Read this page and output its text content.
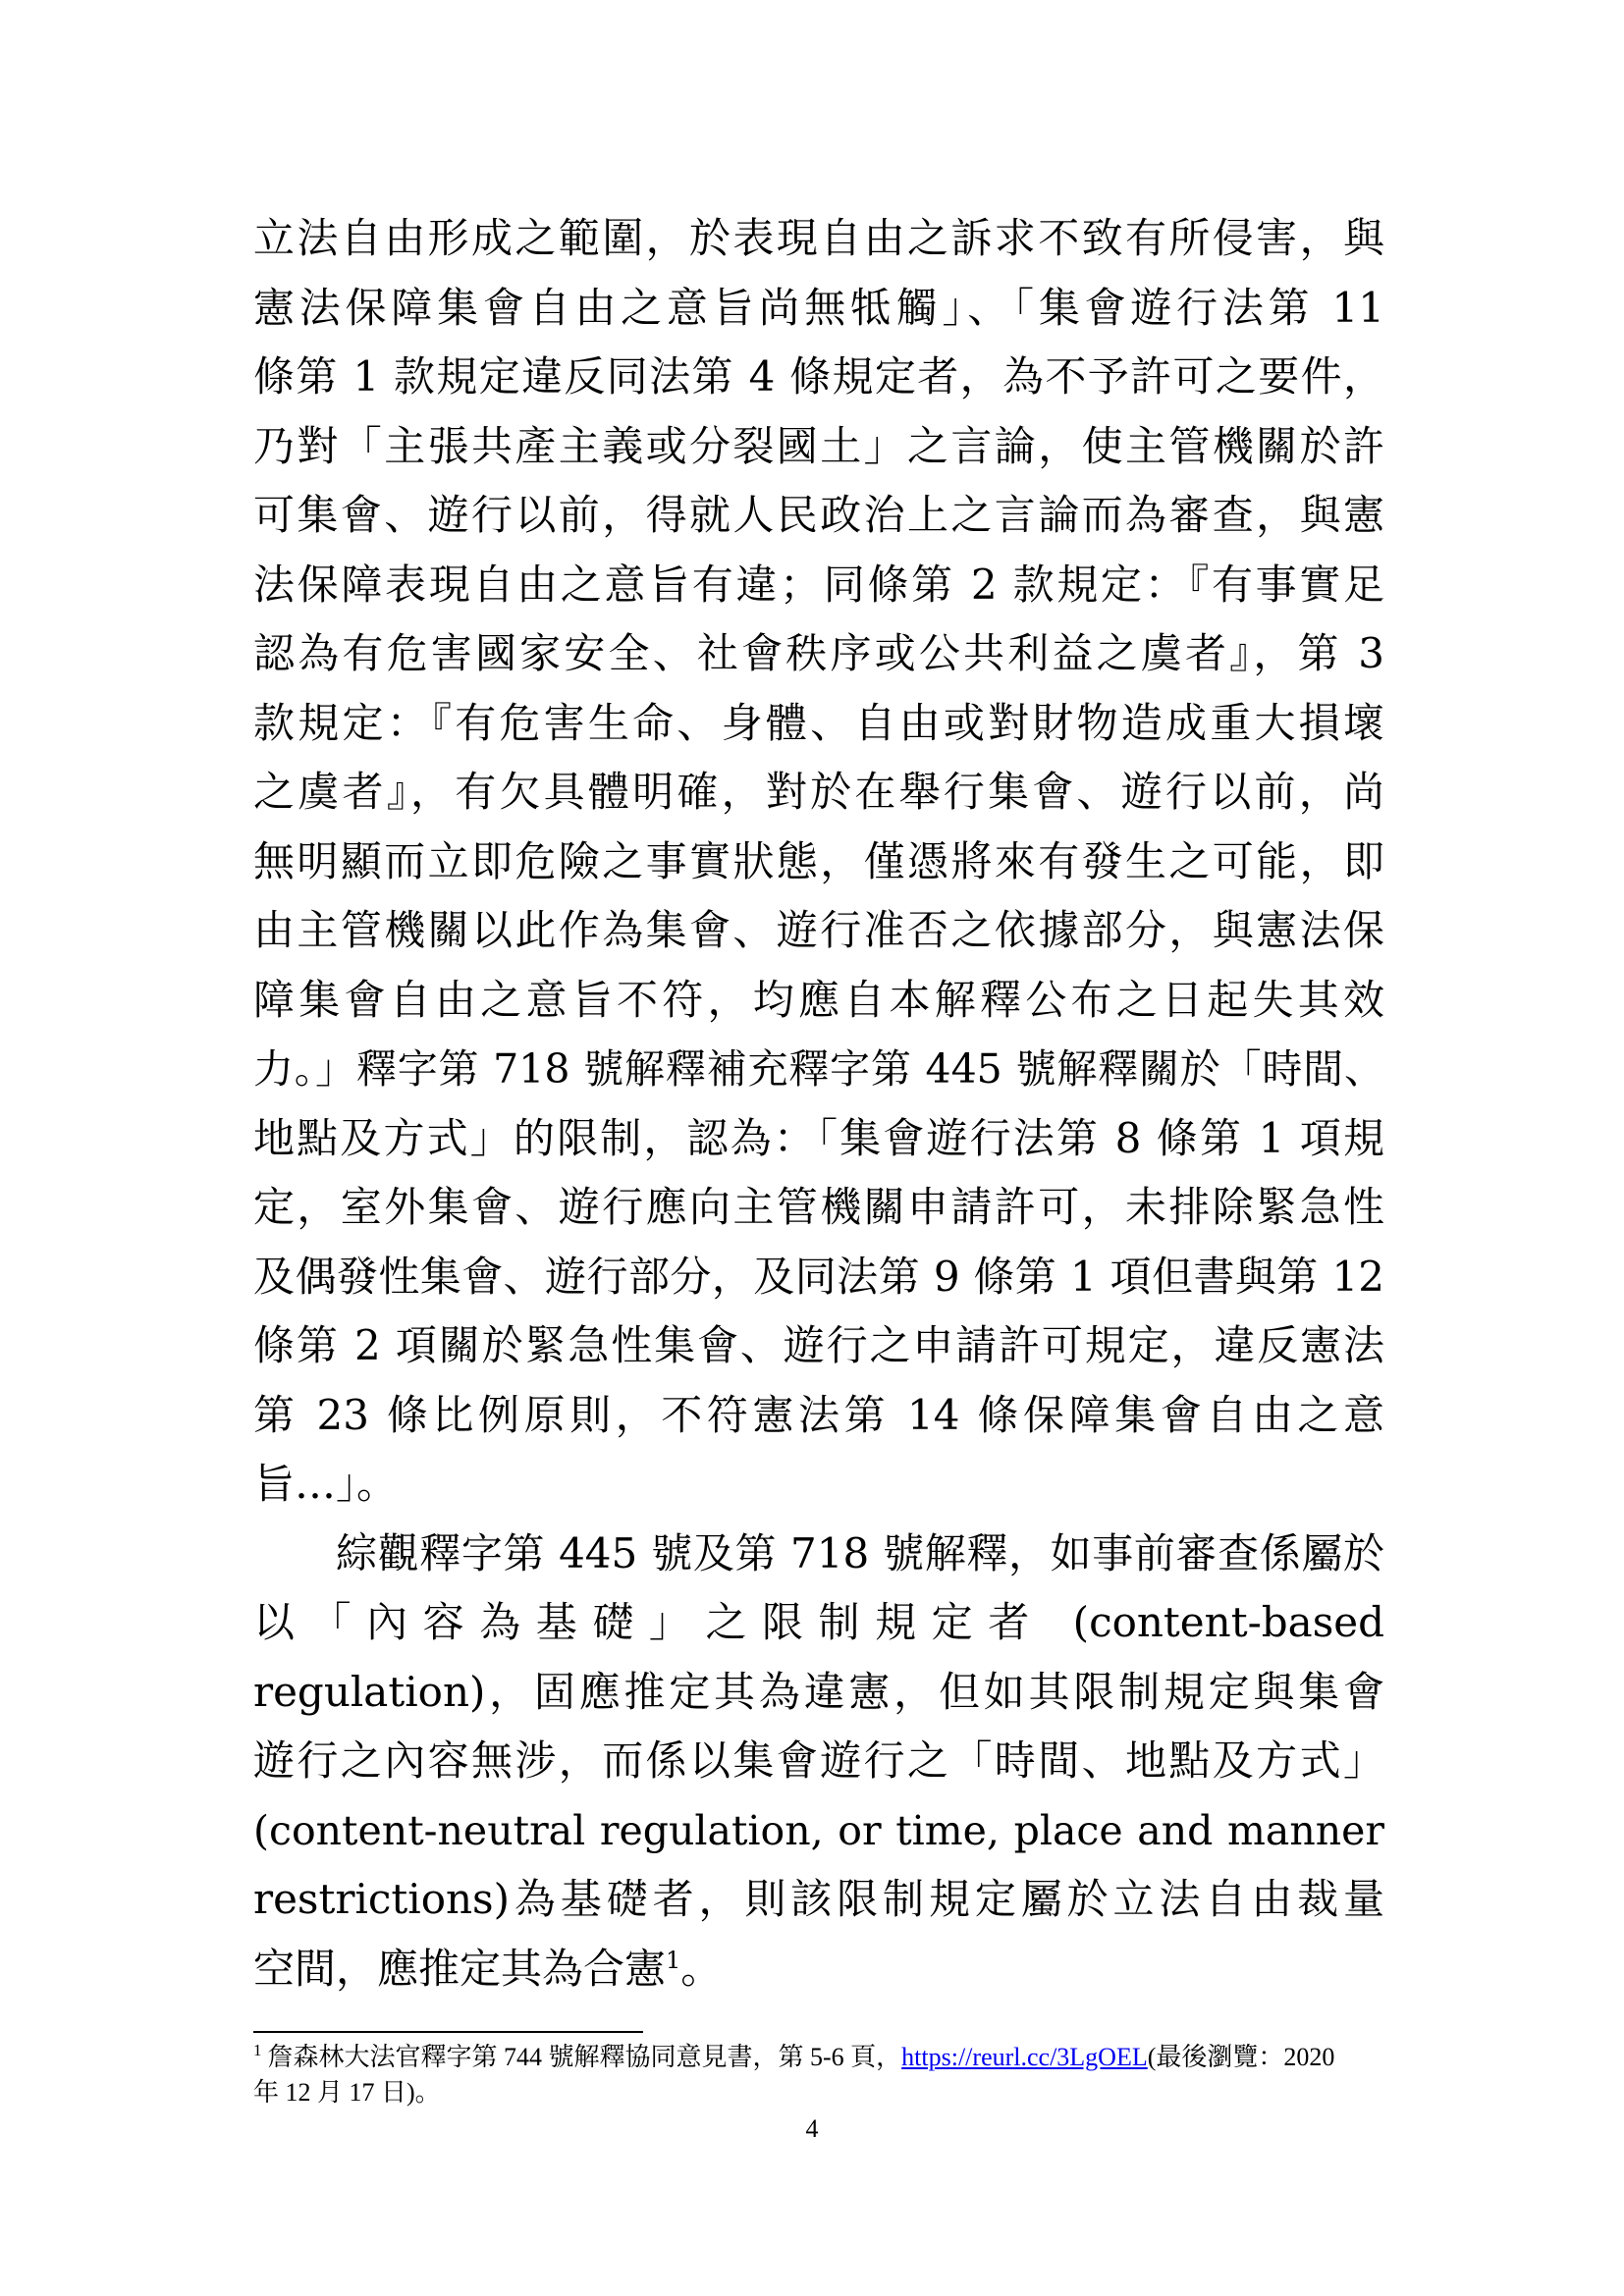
立法自由形成之範圍，於表現自由之訴求不致有所侵害，與
憲法保障集會自由之意旨尚無牴觸」、「集會遊行法第 11
條第 1 款規定違反同法第 4 條規定者，為不予許可之要件，
乃對「主張共產主義或分裂國土」之言論，使主管機關於許
可集會、遊行以前，得就人民政治上之言論而為審查，與憲
法保障表現自由之意旨有違；同條第 2 款規定：『有事實足
認為有危害國家安全、社會秩序或公共利益之虞者』，第 3
款規定：『有危害生命、身體、自由或對財物造成重大損壞
之虞者』，有欠具體明確，對於在舉行集會、遊行以前，尚
無明顯而立即危險之事實狀態，僅憑將來有發生之可能，即
由主管機關以此作為集會、遊行准否之依據部分，與憲法保
障集會自由之意旨不符，均應自本解釋公布之日起失其效
力。」釋字第 718 號解釋補充釋字第 445 號解釋關於「時間、
地點及方式」的限制，認為：「集會遊行法第 8 條第 1 項規
定，室外集會、遊行應向主管機關申請許可，未排除緊急性
及偶發性集會、遊行部分，及同法第 9 條第 1 項但書與第 12
條第 2 項關於緊急性集會、遊行之申請許可規定，違反憲法
第 23 條比例原則，不符憲法第 14 條保障集會自由之意
旨…」。
綜觀釋字第 445 號及第 718 號解釋，如事前審查係屬於
以「內容為基礎」之限制規定者 (content-based
regulation)，固應推定其為違憲，但如其限制規定與集會
遊行之內容無涉，而係以集會遊行之「時間、地點及方式」
(content-neutral regulation, or time, place and manner
restrictions)為基礎者，則該限制規定屬於立法自由裁量
空間，應推定其為合憲$^1$。
$^1$ 詹森林大法官釋字第 744 號解釋協同意見書，第 5-6 頁，https://reurl.cc/3LgOEL(最後瀏覽：2020
年 12 月 17 日)。
4
